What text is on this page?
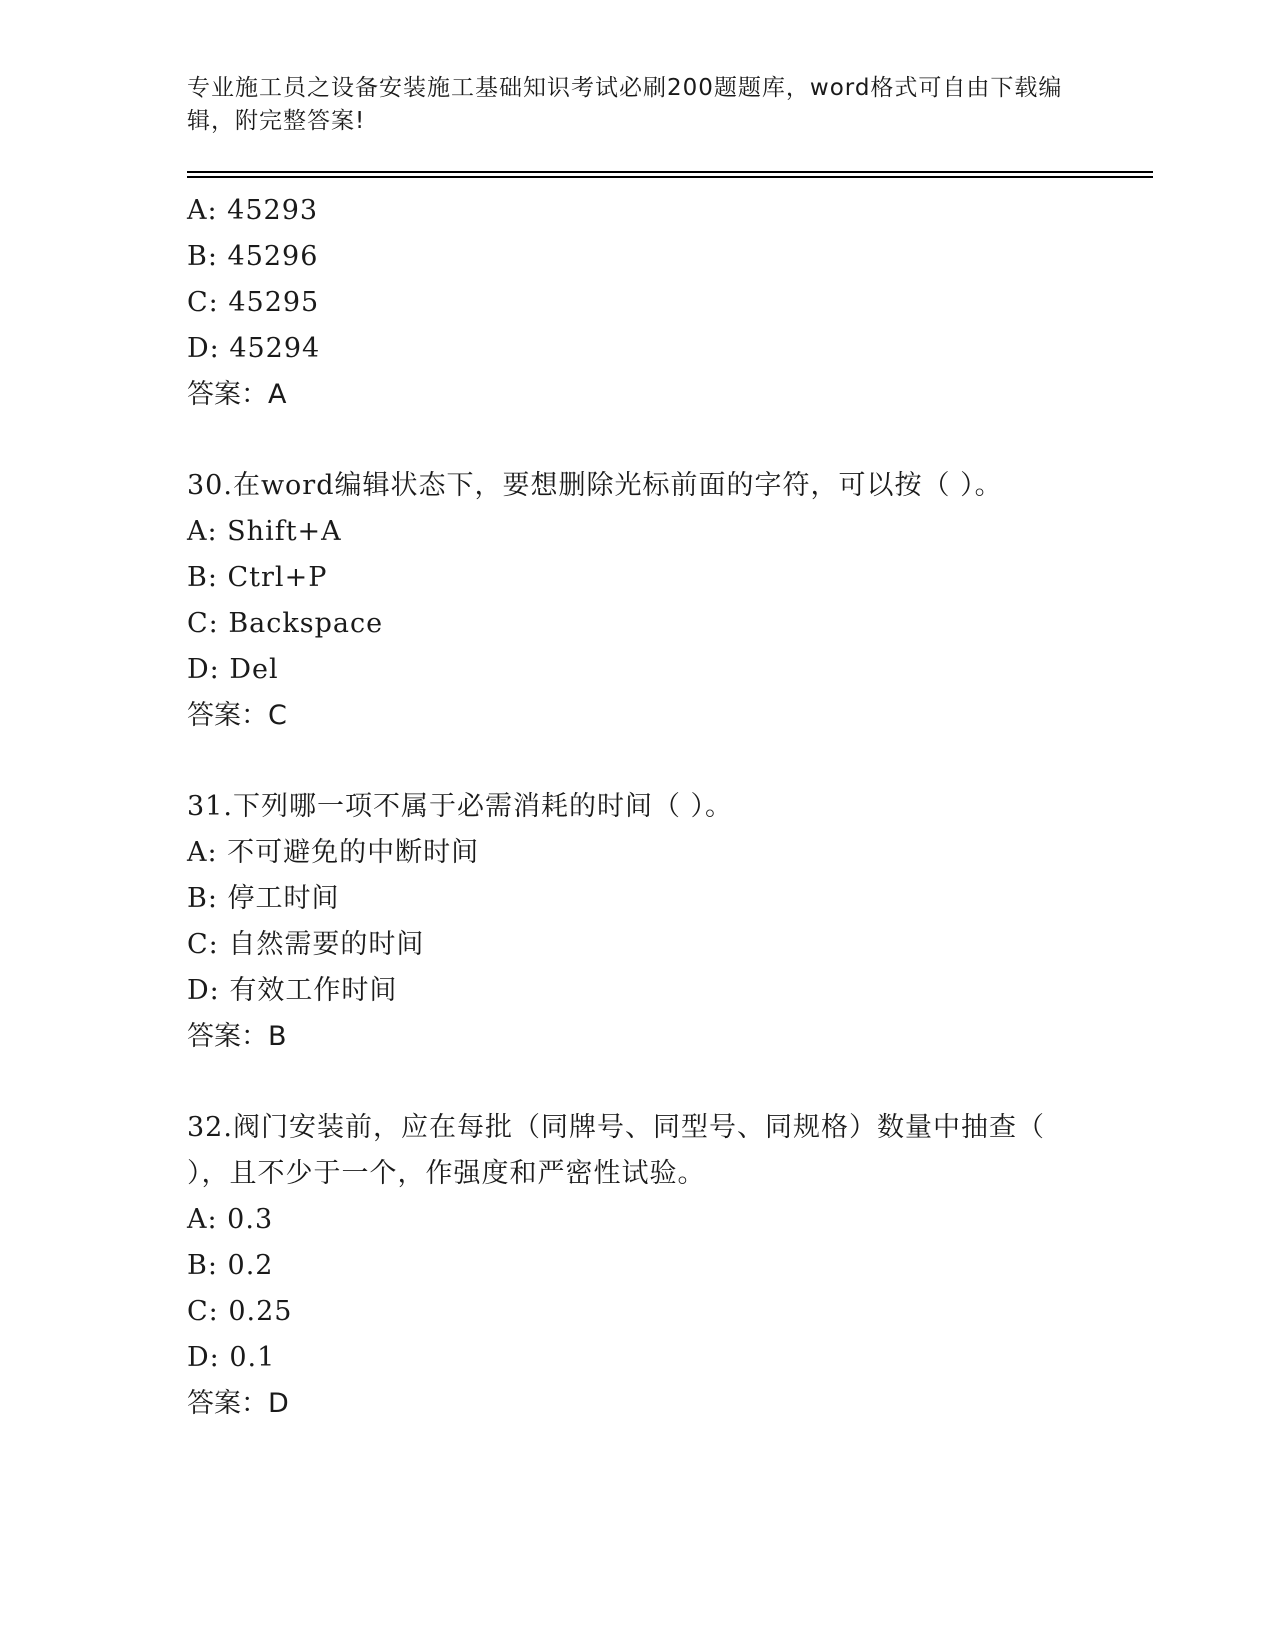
专业施工员之设备安装施工基础知识考试必刷200题题库，word格式可自由下载编辑，附完整答案!
A: 45293
B: 45296
C: 45295
D: 45294
答案：A
30.在word编辑状态下，要想删除光标前面的字符，可以按（ ）。
A: Shift+A
B: Ctrl+P
C: Backspace
D: Del
答案：C
31.下列哪一项不属于必需消耗的时间（ ）。
A: 不可避免的中断时间
B: 停工时间
C: 自然需要的时间
D: 有效工作时间
答案：B
32.阀门安装前，应在每批（同牌号、同型号、同规格）数量中抽查（ ），且不少于一个，作强度和严密性试验。
A: 0.3
B: 0.2
C: 0.25
D: 0.1
答案：D
